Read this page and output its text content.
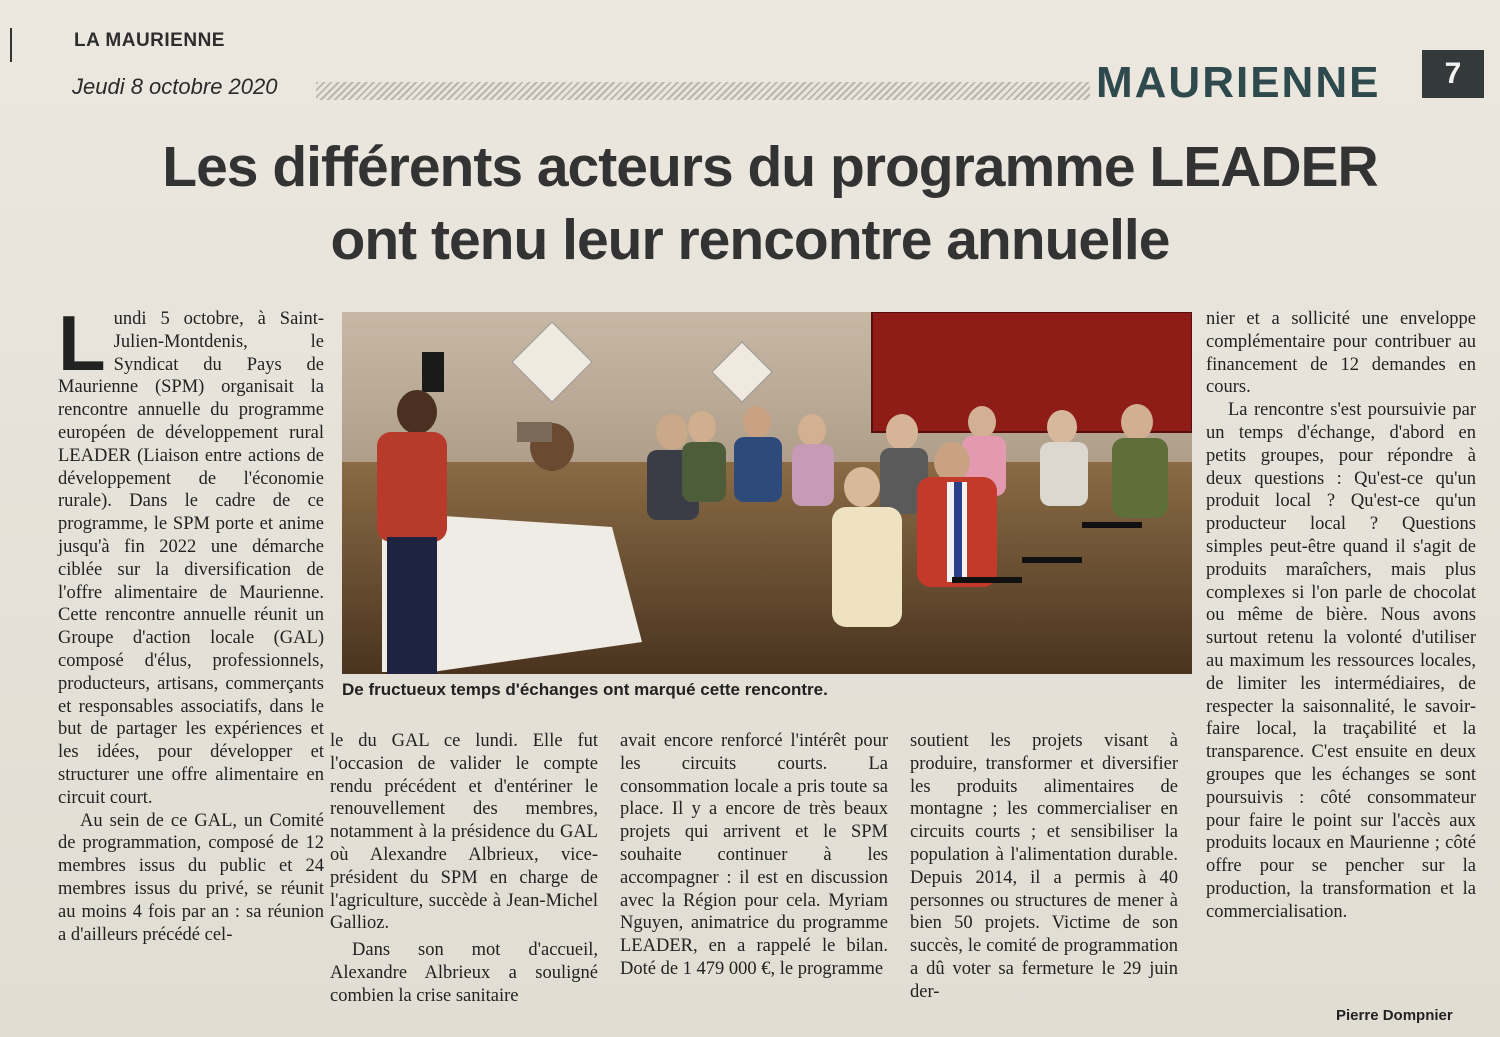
LA MAURIENNE
Jeudi 8 octobre 2020	MAURIENNE	7
Les différents acteurs du programme LEADER
ont tenu leur rencontre annuelle

L undi 5 octobre, à Saint-Julien-Montdenis, le Syndicat du Pays de Maurienne (SPM) organisait la rencontre annuelle du programme européen de développement rural LEADER (Liaison entre actions de développement de l'économie rurale). Dans le cadre de ce programme, le SPM porte et anime jusqu'à fin 2022 une démarche ciblée sur la diversification de l'offre alimentaire de Maurienne. Cette rencontre annuelle réunit un Groupe d'action locale (GAL) composé d'élus, professionnels, producteurs, artisans, commerçants et responsables associatifs, dans le but de partager les expériences et les idées, pour développer et structurer une offre alimentaire en circuit court.

Au sein de ce GAL, un Comité de programmation, composé de 12 membres issus du public et 24 membres issus du privé, se réunit au moins 4 fois par an : sa réunion a d'ailleurs précédé cel-

De fructueux temps d'échanges ont marqué cette rencontre.

le du GAL ce lundi. Elle fut l'occasion de valider le compte rendu précédent et d'entériner le renouvellement des membres, notamment à la présidence du GAL où Alexandre Albrieux, vice-président du SPM en charge de l'agriculture, succède à Jean-Michel Gallioz.

Dans son mot d'accueil, Alexandre Albrieux a souligné combien la crise sanitaire

avait encore renforcé l'intérêt pour les circuits courts. La consommation locale a pris toute sa place. Il y a encore de très beaux projets qui arrivent et le SPM souhaite continuer à les accompagner : il est en discussion avec la Région pour cela. Myriam Nguyen, animatrice du programme LEADER, en a rappelé le bilan. Doté de 1 479 000 €, le programme

soutient les projets visant à produire, transformer et diversifier les produits alimentaires de montagne ; les commercialiser en circuits courts ; et sensibiliser la population à l'alimentation durable. Depuis 2014, il a permis à 40 personnes ou structures de mener à bien 50 projets. Victime de son succès, le comité de programmation a dû voter sa fermeture le 29 juin der-

nier et a sollicité une enveloppe complémentaire pour contribuer au financement de 12 demandes en cours.

La rencontre s'est poursuivie par un temps d'échange, d'abord en petits groupes, pour répondre à deux questions : Qu'est-ce qu'un produit local ? Qu'est-ce qu'un producteur local ? Questions simples peut-être quand il s'agit de produits maraîchers, mais plus complexes si l'on parle de chocolat ou même de bière. Nous avons surtout retenu la volonté d'utiliser au maximum les ressources locales, de limiter les intermédiaires, de respecter la saisonnalité, le savoir-faire local, la traçabilité et la transparence. C'est ensuite en deux groupes que les échanges se sont poursuivis : côté consommateur pour faire le point sur l'accès aux produits locaux en Maurienne ; côté offre pour se pencher sur la production, la transformation et la commercialisation.

Pierre Dompnier
